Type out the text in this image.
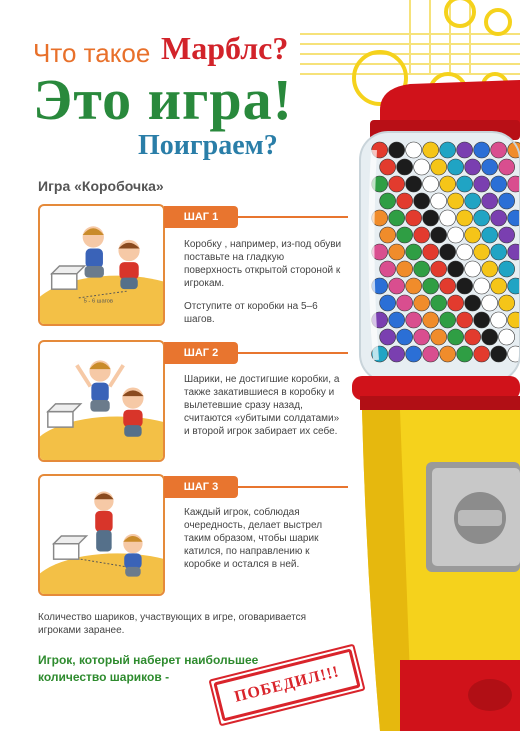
Что такое Марблс?
Это игра!
Поиграем?
Игра «Коробочка»
5 - 6 шагов
ШАГ 1

Коробку , например, из-под обуви поставьте на гладкую поверхность открытой стороной к игрокам.

Отступите от коробки на 5–6 шагов.

ШАГ 2

Шарики, не достигшие коробки, а также закатившиеся в коробку и вылетевшие сразу назад, считаются «убитыми солдатами» и второй игрок забирает их себе.

ШАГ 3

Каждый игрок, соблюдая очередность, делает выстрел таким образом, чтобы шарик катился, по направлению к коробке и остался в ней.

Количество шариков, участвующих в игре, оговаривается игроками заранее.
Игрок, который наберет наибольшее количество шариков -	ПОБЕДИЛ!!!
